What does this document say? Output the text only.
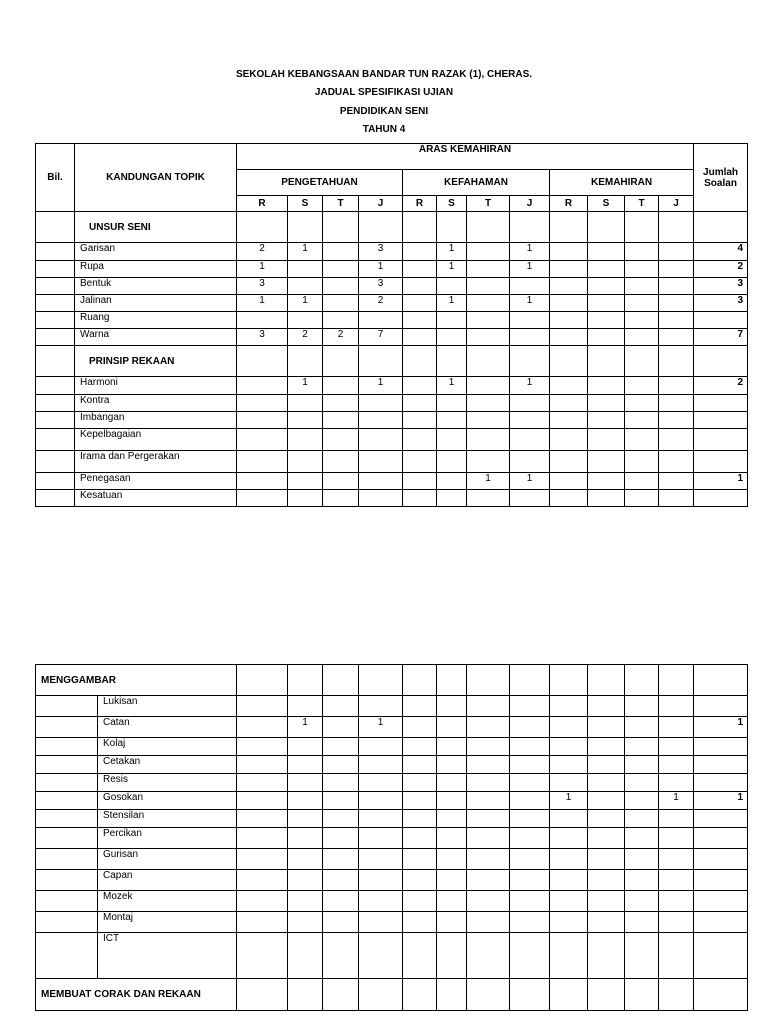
SEKOLAH KEBANGSAAN BANDAR TUN RAZAK (1), CHERAS.
JADUAL SPESIFIKASI UJIAN
PENDIDIKAN SENI
TAHUN 4
Bil.	KANDUNGAN TOPIK	ARAS KEMAHIRAN												Jumlah
Soalan

		PENGETAHUAN				KEFAHAMAN				KEMAHIRAN				
		R	S	T	J	R	S	T	J	R	S	T	J	
	UNSUR SENI													
	Garisan	2	1		3		1		1					4
	Rupa	1			1		1		1					2
	Bentuk	3			3									3
	Jalinan	1	1		2		1		1					3
	Ruang													
	Warna	3	2	2	7									7
	PRINSIP REKAAN													
	Harmoni		1		1		1		1					2
	Kontra													
	Imbangan													
	Kepelbagaian													
	Irama dan Pergerakan													
	Penegasan							1	1					1
	Kesatuan													
MENGGAMBAR														
	Lukisan													
	Catan		1		1									1
	Kolaj													
	Cetakan													
	Resis													
	Gosokan									1			1	1
	Stensilan													
	Percikan													
	Gurisan													
	Capan													
	Mozek													
	Montaj													
	ICT													
MEMBUAT CORAK DAN REKAAN														
